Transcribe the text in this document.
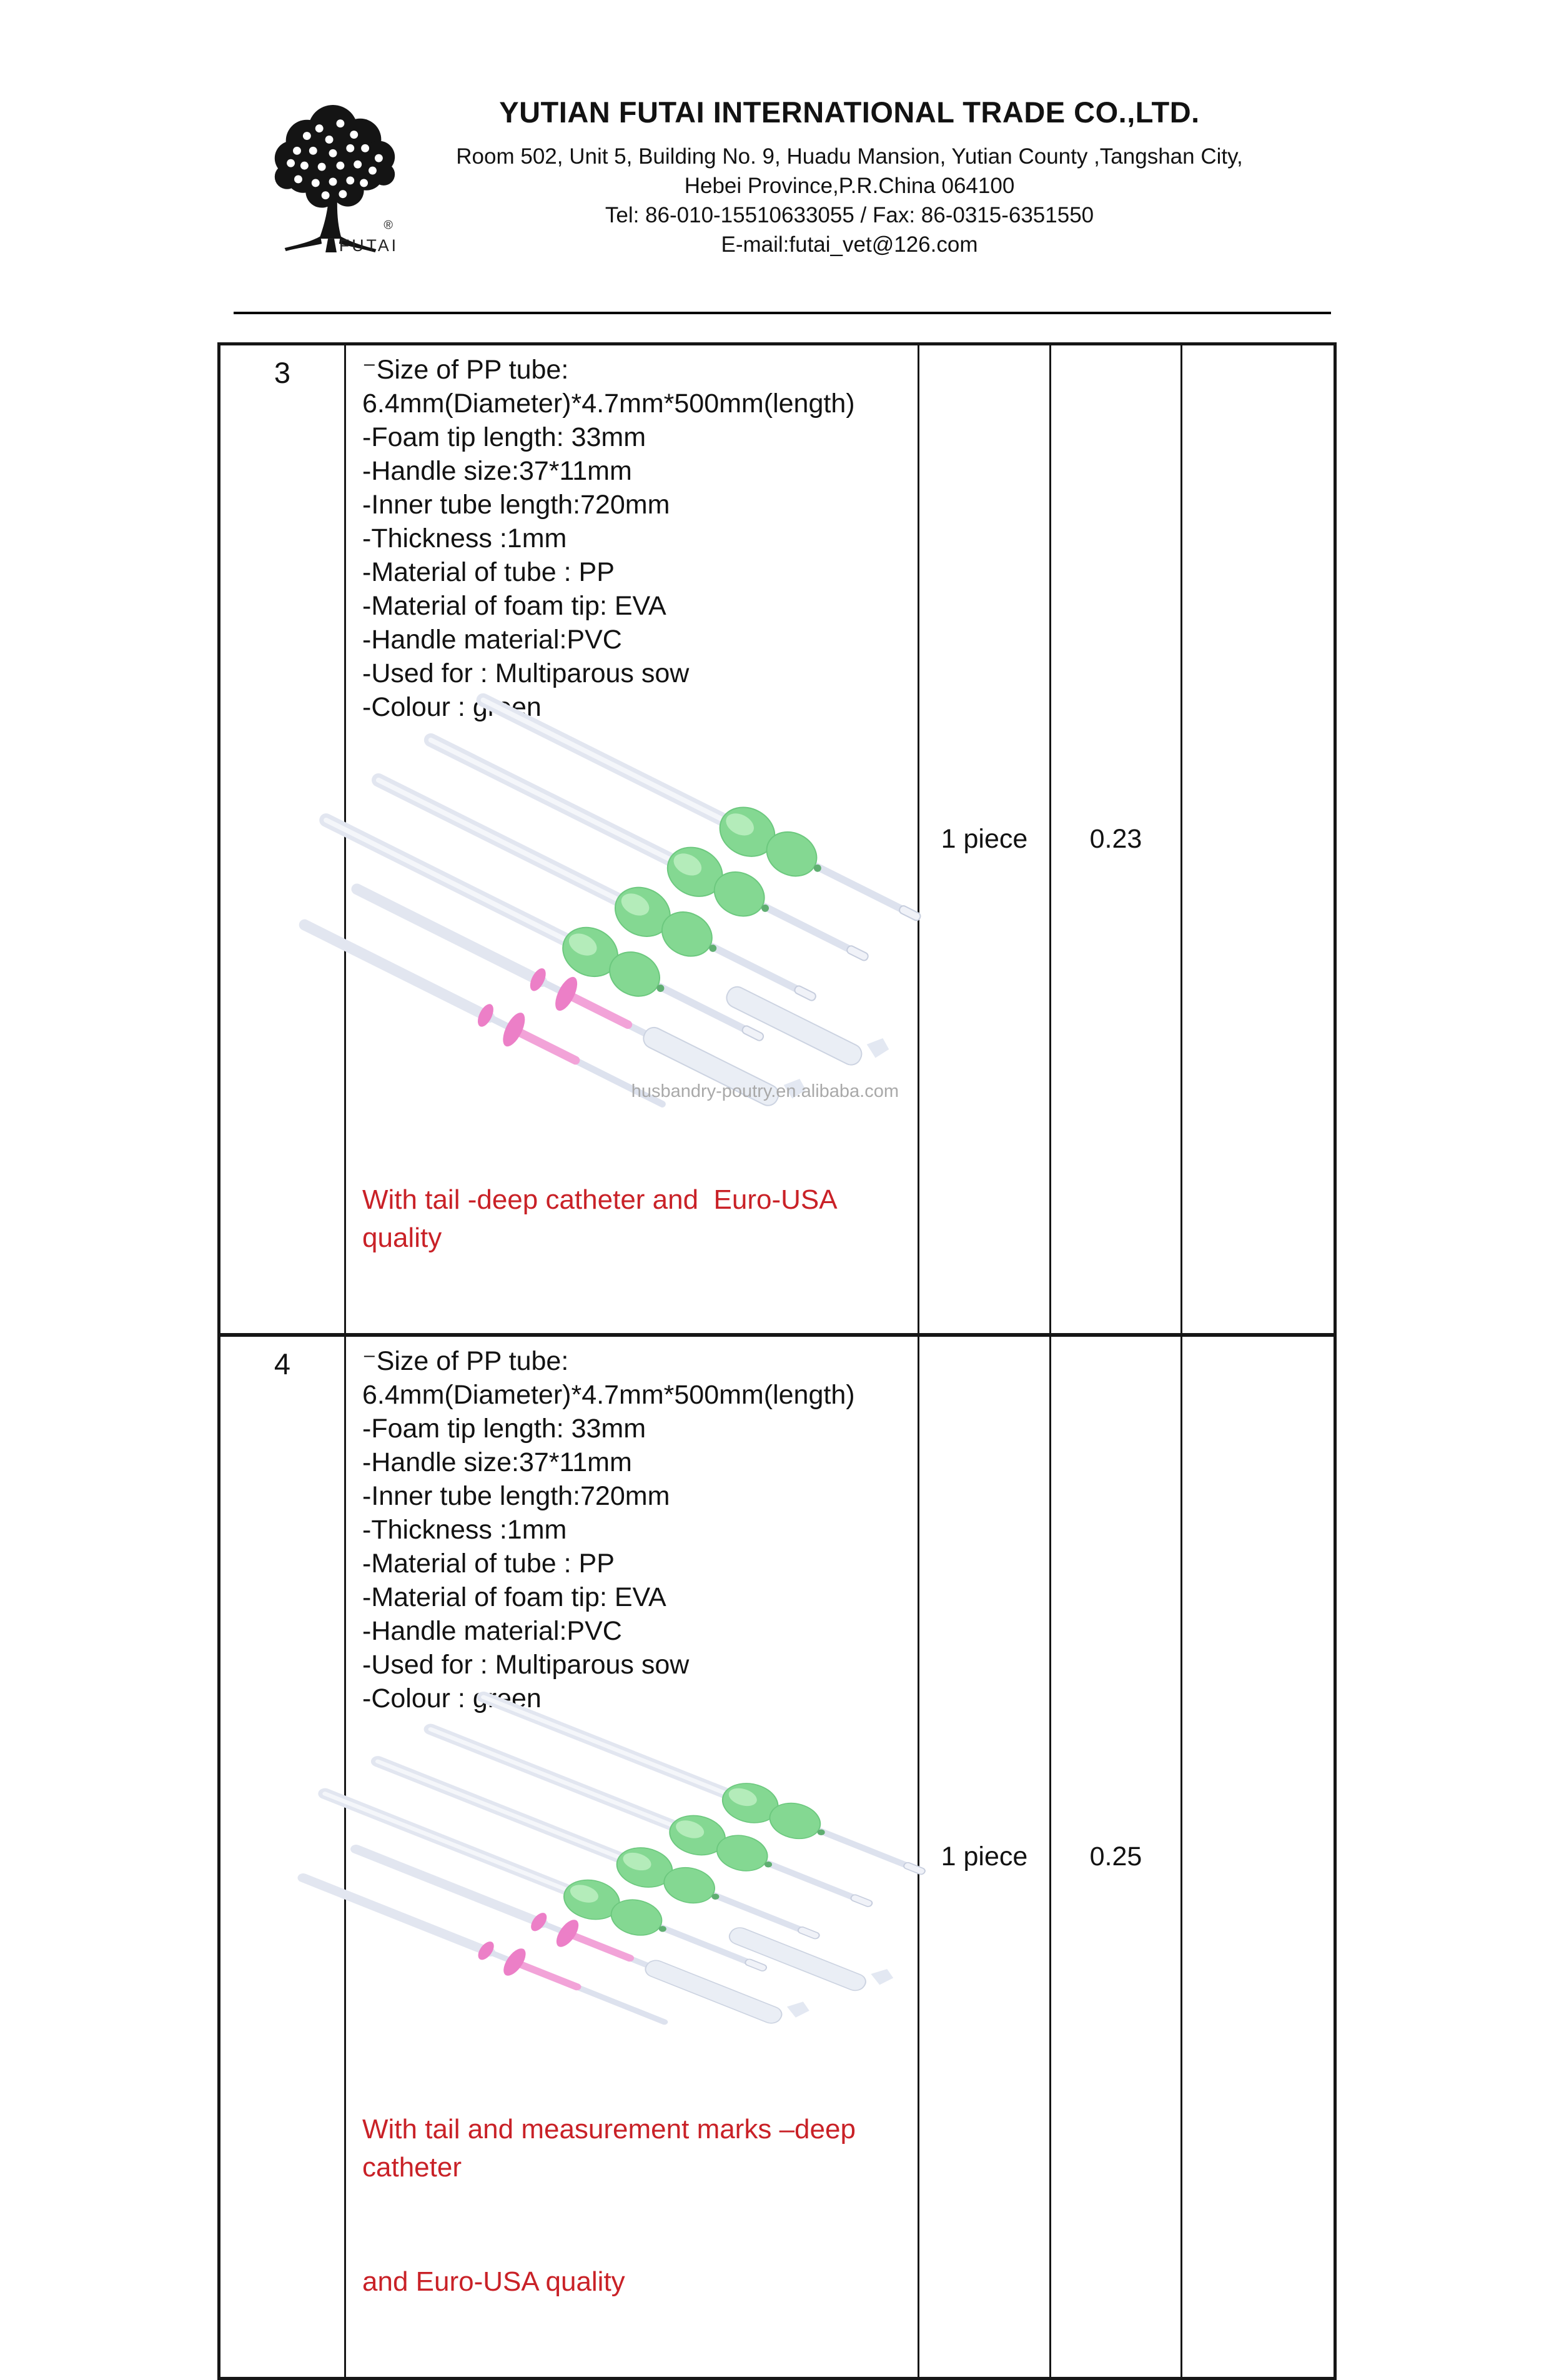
FUTAI
®
YUTIAN FUTAI INTERNATIONAL TRADE CO.,LTD.
Room 502, Unit 5, Building No. 9, Huadu Mansion, Yutian County ,Tangshan City,
Hebei Province,P.R.China 064100
Tel: 86-010-15510633055 / Fax: 86-0315-6351550
E-mail:futai_vet@126.com
3	⁻Size of PP tube:
6.4mm(Diameter)*4.7mm*500mm(length)
-Foam tip length: 33mm
-Handle size:37*11mm
-Inner tube length:720mm
-Thickness :1mm
-Material of tube : PP
-Material of foam tip: EVA
-Handle material:PVC
-Used for : Multiparous sow
-Colour : green
husbandry-poutry.en.alibaba.com

With tail -deep catheter and  Euro-USA quality

	1 piece	0.23	
4	⁻Size of PP tube:
6.4mm(Diameter)*4.7mm*500mm(length)
-Foam tip length: 33mm
-Handle size:37*11mm
-Inner tube length:720mm
-Thickness :1mm
-Material of tube : PP
-Material of foam tip: EVA
-Handle material:PVC
-Used for : Multiparous sow
-Colour : green

With tail and measurement marks –deep catheter

and Euro-USA quality

	1 piece	0.25	
